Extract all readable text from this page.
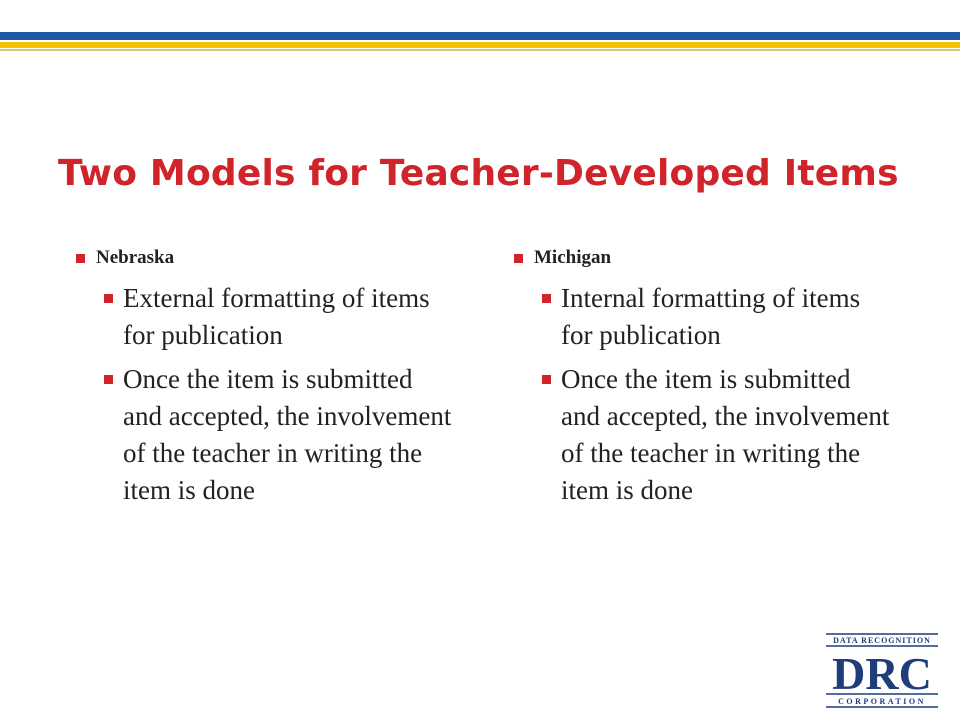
Two Models for Teacher-Developed Items
Nebraska
External formatting of items for publication
Once the item is submitted and accepted, the involvement of the teacher in writing the item is done
Michigan
Internal formatting of items for publication
Once the item is submitted and accepted, the involvement of the teacher in writing the item is done
DATA RECOGNITION
DRC
CORPORATION
